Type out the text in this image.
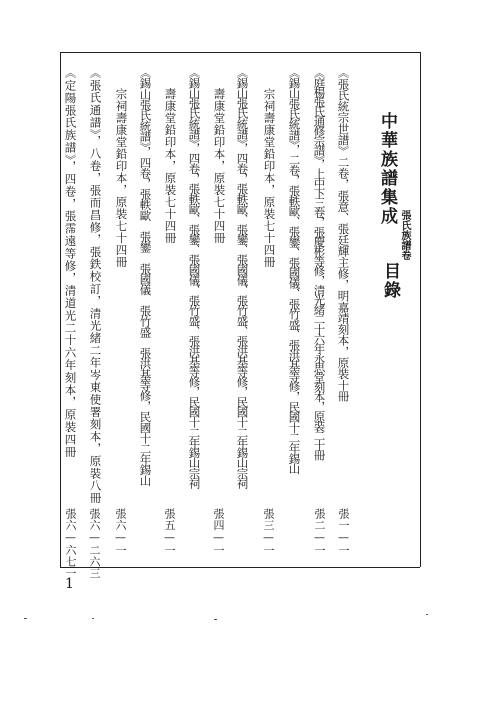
中華族譜集成
張氏族譜卷
目錄
《張氏統宗世譜》二卷，張意、張廷輝主修，明嘉靖刻本，原裝十冊
張一—一
《庭楊張氏通修宗譜》，上中下三卷，張慶彬等修，清光緒二十六年永思堂刻本，原裝二十冊
張二—一
《錫山張氏統譜》，二卷，張軼歐、張鑾、張國儀、張竹盛、張洪基等修，民國十二年錫山
張三—一
宗祠壽康堂鉛印本，原裝七十四冊
《錫山張氏統譜》，四卷，張軼歐、張鑾、張國儀、張竹盛、張洪基等修，民國十二年錫山宗祠
張四—一
壽康堂鉛印本，原裝七十四冊
《錫山張氏統譜》，四卷，張軼歐、張鑾、張國儀、張竹盛、張洪基等修，民國十二年錫山宗祠
張五—一
壽康堂鉛印本，原裝七十四冊
《錫山張氏統譜》，四卷，張軼歐　張鑾　張國儀　張竹盛　張洪基等修，民國十二年錫山
張六—一
宗祠壽康堂鉛印本，原裝七十四冊
《張氏通譜》，八卷，張而昌修，張鉄校訂，清光緒二年岑東使署刻本，原裝八冊
張六—二六三
《定陽張氏族譜》，四卷，張霈遠等修，清道光二十六年刻本，原裝四冊
張六—六七一
1
